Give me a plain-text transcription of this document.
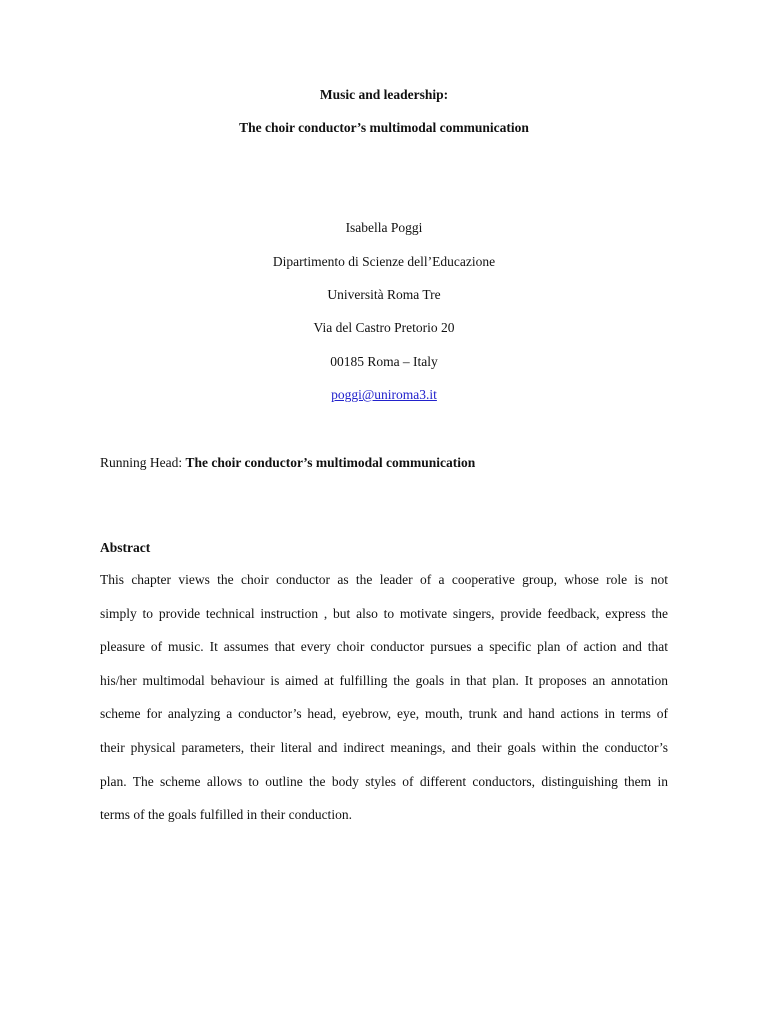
Music and leadership:
The choir conductor’s multimodal communication
Isabella Poggi
Dipartimento di Scienze dell’Educazione
Università Roma Tre
Via del Castro Pretorio 20
00185 Roma – Italy
poggi@uniroma3.it
Running Head: The choir conductor’s multimodal communication
Abstract
This chapter views the choir conductor as the leader of a cooperative group, whose role is not
simply to provide technical instruction , but also to motivate singers, provide feedback, express the
pleasure of music. It assumes that every choir conductor pursues a specific plan of action and that
his/her multimodal behaviour is aimed at fulfilling the goals in that plan. It proposes an annotation
scheme for analyzing a conductor’s head, eyebrow, eye, mouth, trunk and hand actions in terms of
their physical parameters, their literal and indirect meanings, and their goals within the conductor’s
plan. The scheme allows to outline the body styles of different conductors, distinguishing them in
terms of the goals fulfilled in their conduction.
